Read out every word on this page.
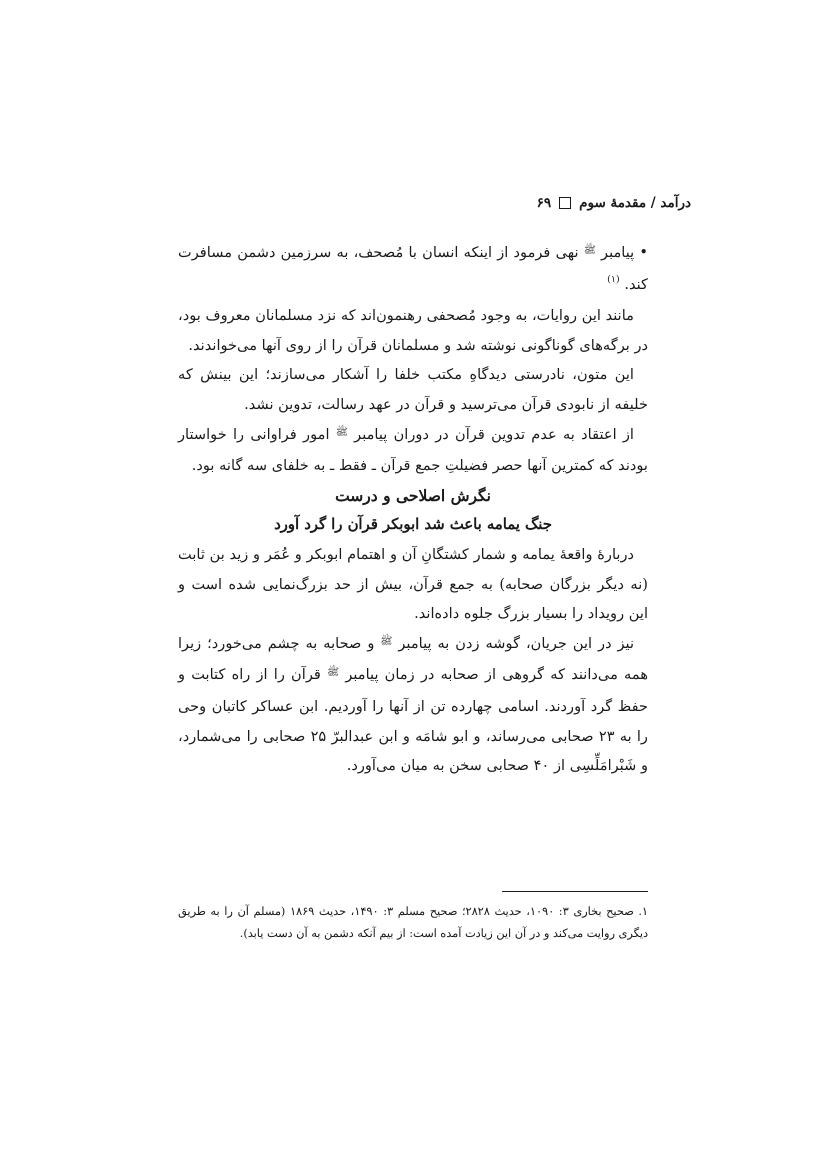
درآمد / مقدمهٔ سوم۶۹

• پیامبر $^ﷺ$ نهی فرمود از اینکه انسان با مُصحف، به سرزمین دشمن مسافرت کند. $^{(۱)}$

مانند این روایات، به وجود مُصحفی رهنمون‌اند که نزد مسلمانان معروف بود، در برگه‌های گوناگونی نوشته شد و مسلمانان قرآن را از روی آنها می‌خواندند.

این متون، نادرستی دیدگاهِ مکتب خلفا را آشکار می‌سازند؛ این بینش که خلیفه از نابودی قرآن می‌ترسید و قرآن در عهد رسالت، تدوین نشد.

از اعتقاد به عدم تدوین قرآن در دوران پیامبر $^ﷺ$ امور فراوانی را خواستار بودند که کمترین آنها حصر فضیلتِ جمع قرآن ـ فقط ـ به خلفای سه گانه بود.

نگرش اصلاحی و درست

جنگ یمامه باعث شد ابوبکر قرآن را گرد آورد

دربارهٔ واقعهٔ یمامه و شمار کشتگانِ آن و اهتمام ابوبکر و عُمَر و زید بن ثابت (نه دیگر بزرگان صحابه) به جمع قرآن، بیش از حد بزرگ‌نمایی شده است و این رویداد را بسیار بزرگ جلوه داده‌اند.

نیز در این جریان، گوشه زدن به پیامبر $^ﷺ$ و صحابه به چشم می‌خورد؛ زیرا همه می‌دانند که گروهی از صحابه در زمان پیامبر $^ﷺ$ قرآن را از راه کتابت و حفظ گرد آوردند. اسامی چهارده تن از آنها را آوردیم. ابن عساکر کاتبان وحی را به ۲۳ صحابی می‌رساند، و ابو شامَه و ابن عبدالبرّ ۲۵ صحابی را می‌شمارد، و شَبْرامَلِّسِی از ۴۰ صحابی سخن به میان می‌آورد.

۱. صحیح بخاری ۳: ۱۰۹۰، حدیث ۲۸۲۸؛ صحیح مسلم ۳: ۱۴۹۰، حدیث ۱۸۶۹ (مسلم آن را به طریق دیگری روایت می‌کند و در آن این زیادت آمده است: از بیم آنکه دشمن به آن دست یابد).
